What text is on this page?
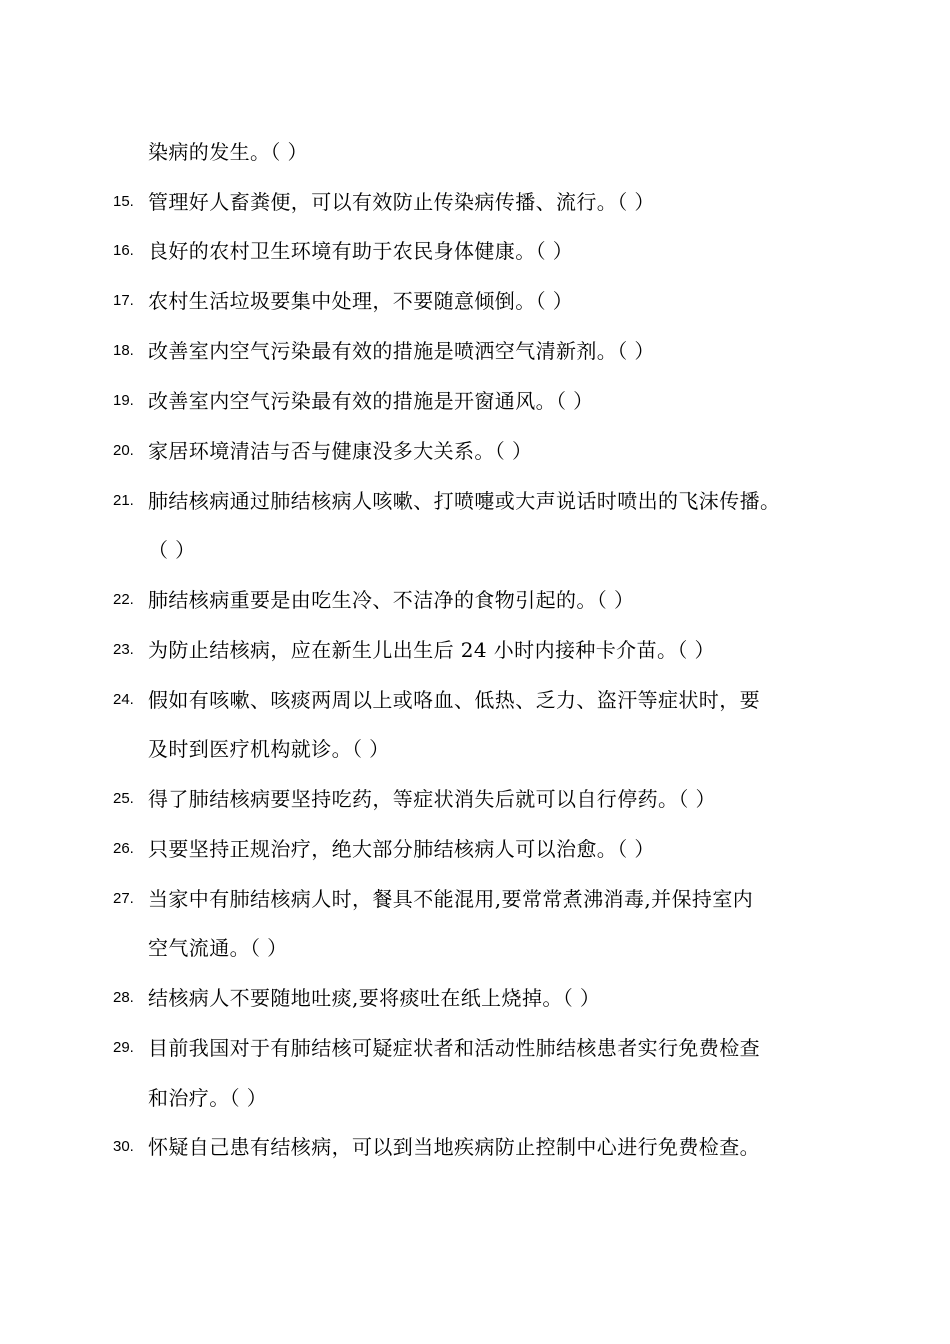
染病的发生。（ ）
15. 管理好人畜粪便，可以有效防止传染病传播、流行。（ ）
16. 良好的农村卫生环境有助于农民身体健康。（ ）
17. 农村生活垃圾要集中处理，不要随意倾倒。（ ）
18. 改善室内空气污染最有效的措施是喷洒空气清新剂。（ ）
19. 改善室内空气污染最有效的措施是开窗通风。（ ）
20. 家居环境清洁与否与健康没多大关系。（ ）
21. 肺结核病通过肺结核病人咳嗽、打喷嚏或大声说话时喷出的飞沫传播。
（ ）
22. 肺结核病重要是由吃生冷、不洁净的食物引起的。（ ）
23. 为防止结核病，应在新生儿出生后 24 小时内接种卡介苗。（ ）
24. 假如有咳嗽、咳痰两周以上或咯血、低热、乏力、盗汗等症状时，要
及时到医疗机构就诊。（ ）
25. 得了肺结核病要坚持吃药，等症状消失后就可以自行停药。（ ）
26. 只要坚持正规治疗，绝大部分肺结核病人可以治愈。（ ）
27. 当家中有肺结核病人时，餐具不能混用,要常常煮沸消毒,并保持室内
空气流通。（ ）
28. 结核病人不要随地吐痰,要将痰吐在纸上烧掉。（ ）
29. 目前我国对于有肺结核可疑症状者和活动性肺结核患者实行免费检查
和治疗。（ ）
30. 怀疑自己患有结核病，可以到当地疾病防止控制中心进行免费检查。
